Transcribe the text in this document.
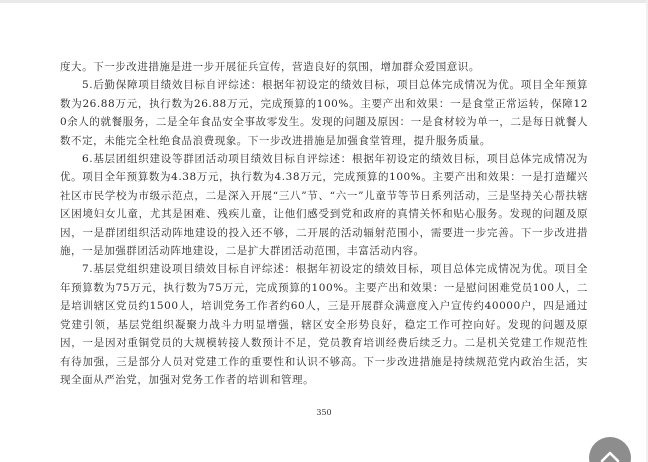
度大。下一步改进措施是进一步开展征兵宣传，营造良好的氛围，增加群众爱国意识。

5.后勤保障项目绩效目标自评综述：根据年初设定的绩效目标，项目总体完成情况为优。项目全年预算数为26.88万元，执行数为26.88万元，完成预算的100%。主要产出和效果：一是食堂正常运转，保障120余人的就餐服务，二是全年食品安全事故零发生。发现的问题及原因：一是食材较为单一，二是每日就餐人数不定，未能完全杜绝食品浪费现象。下一步改进措施是加强食堂管理，提升服务质量。

6.基层团组织建设等群团活动项目绩效目标自评综述：根据年初设定的绩效目标，项目总体完成情况为优。项目全年预算数为4.38万元，执行数为4.38万元，完成预算的100%。主要产出和效果：一是打造耀兴社区市民学校为市级示范点，二是深入开展“三八”节、“六一”儿童节等节日系列活动，三是坚持关心帮扶辖区困境妇女儿童，尤其是困难、残疾儿童，让他们感受到党和政府的真情关怀和贴心服务。发现的问题及原因，一是群团组织活动阵地建设的投入还不够，二开展的活动辐射范围小，需要进一步完善。下一步改进措施，一是加强群团活动阵地建设，二是扩大群团活动范围，丰富活动内容。

7.基层党组织建设项目绩效目标自评综述：根据年初设定的绩效目标，项目总体完成情况为优。项目全年预算数为75万元，执行数为75万元，完成预算的100%。主要产出和效果：一是慰问困难党员100人，二是培训辖区党员约1500人，培训党务工作者约60人，三是开展群众满意度入户宣传约40000户，四是通过党建引领，基层党组织凝聚力战斗力明显增强，辖区安全形势良好，稳定工作可控向好。发现的问题及原因，一是因对重铜党员的大规模转接人数预计不足，党员教育培训经费后续乏力。二是机关党建工作规范性有待加强，三是部分人员对党建工作的重要性和认识不够高。下一步改进措施是持续规范党内政治生活，实现全面从严治党，加强对党务工作者的培训和管理。

350
